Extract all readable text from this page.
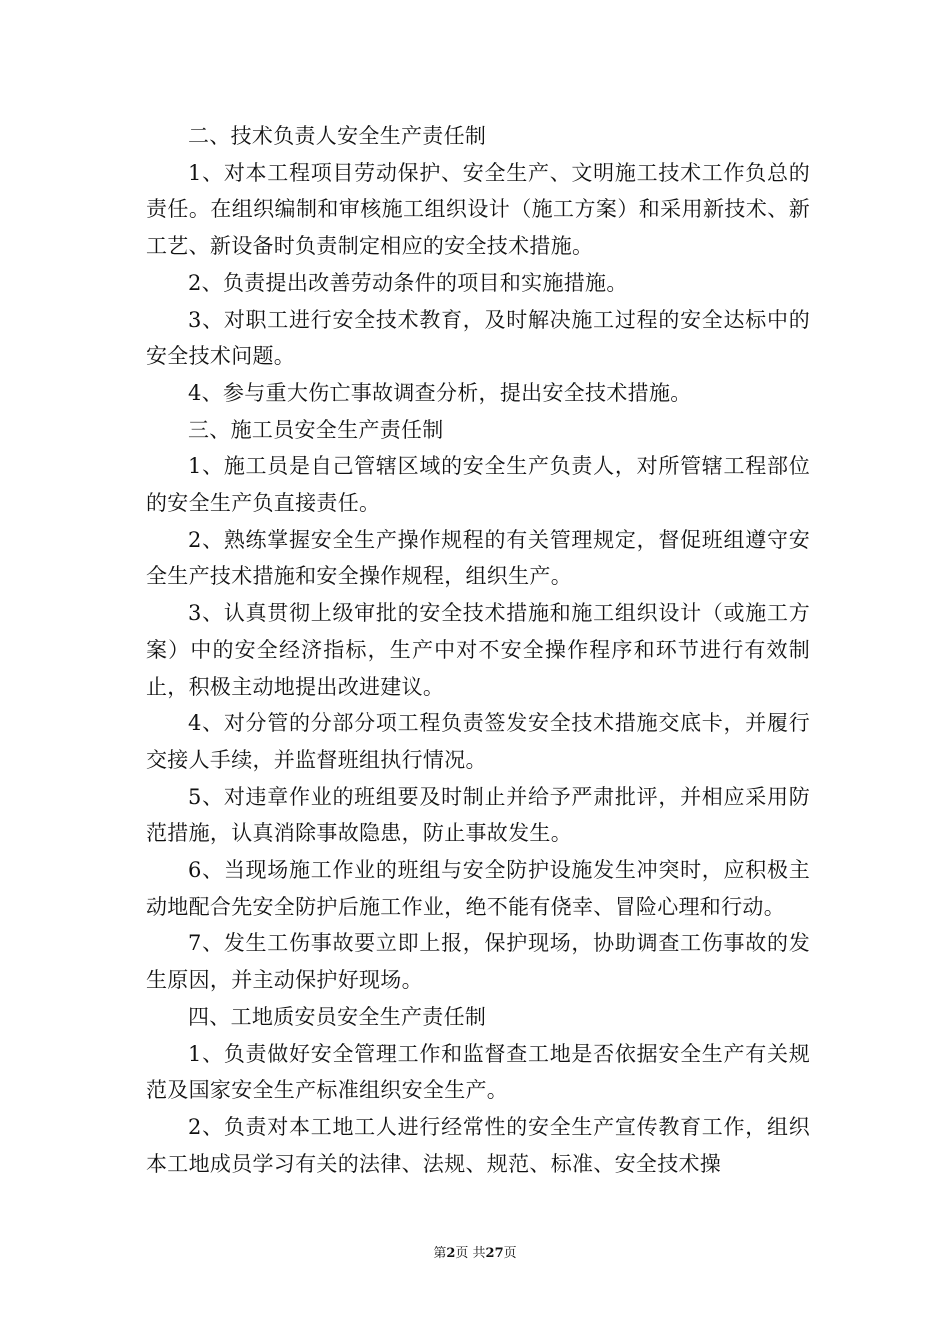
二、技术负责人安全生产责任制

1、对本工程项目劳动保护、安全生产、文明施工技术工作负总的责任。在组织编制和审核施工组织设计（施工方案）和采用新技术、新工艺、新设备时负责制定相应的安全技术措施。

2、负责提出改善劳动条件的项目和实施措施。

3、对职工进行安全技术教育，及时解决施工过程的安全达标中的安全技术问题。

4、参与重大伤亡事故调查分析，提出安全技术措施。

三、施工员安全生产责任制

1、施工员是自己管辖区域的安全生产负责人，对所管辖工程部位的安全生产负直接责任。

2、熟练掌握安全生产操作规程的有关管理规定，督促班组遵守安全生产技术措施和安全操作规程，组织生产。

3、认真贯彻上级审批的安全技术措施和施工组织设计（或施工方案）中的安全经济指标，生产中对不安全操作程序和环节进行有效制止，积极主动地提出改进建议。

4、对分管的分部分项工程负责签发安全技术措施交底卡，并履行交接人手续，并监督班组执行情况。

5、对违章作业的班组要及时制止并给予严肃批评，并相应采用防范措施，认真消除事故隐患，防止事故发生。

6、当现场施工作业的班组与安全防护设施发生冲突时，应积极主动地配合先安全防护后施工作业，绝不能有侥幸、冒险心理和行动。

7、发生工伤事故要立即上报，保护现场，协助调查工伤事故的发生原因，并主动保护好现场。

四、工地质安员安全生产责任制

1、负责做好安全管理工作和监督查工地是否依据安全生产有关规范及国家安全生产标准组织安全生产。

2、负责对本工地工人进行经常性的安全生产宣传教育工作，组织本工地成员学习有关的法律、法规、规范、标准、安全技术操

第2页 共27页
